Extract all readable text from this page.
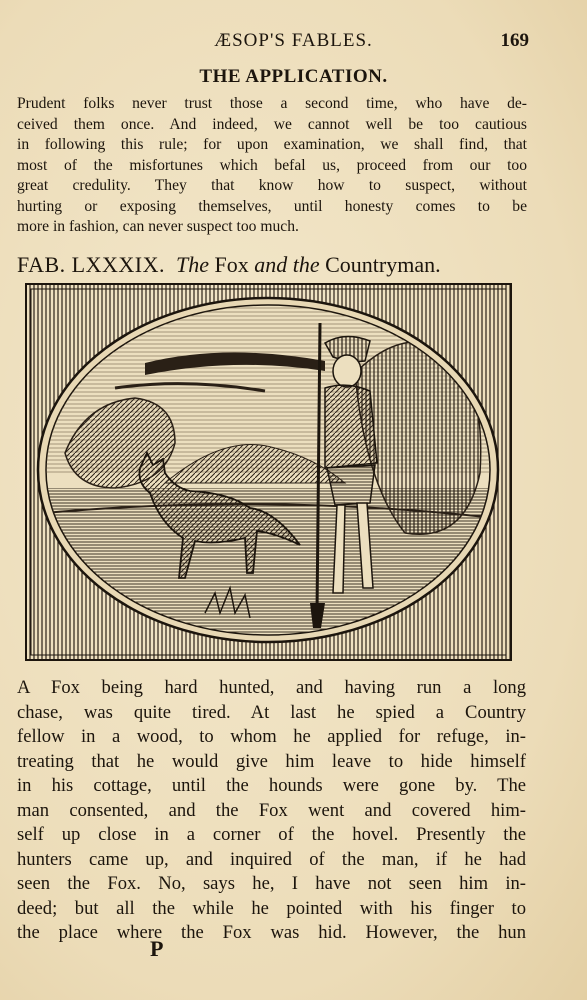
ÆSOP'S FABLES.	169
THE APPLICATION.
Prudent folks never trust those a second time, who have de-
ceived them once. And indeed, we cannot well be too cautious
in following this rule; for upon examination, we shall find, that
most of the misfortunes which befal us, proceed from our too
great credulity. They that know how to suspect, without
hurting or exposing themselves, until honesty comes to be
more in fashion, can never suspect too much.
FAB. LXXXIX. The Fox and the Countryman.
A Fox being hard hunted, and having run a long
chase, was quite tired. At last he spied a Country
fellow in a wood, to whom he applied for refuge, in-
treating that he would give him leave to hide himself
in his cottage, until the hounds were gone by. The
man consented, and the Fox went and covered him-
self up close in a corner of the hovel. Presently the
hunters came up, and inquired of the man, if he had
seen the Fox. No, says he, I have not seen him in-
deed; but all the while he pointed with his finger to
the place where the Fox was hid. However, the hun
P
